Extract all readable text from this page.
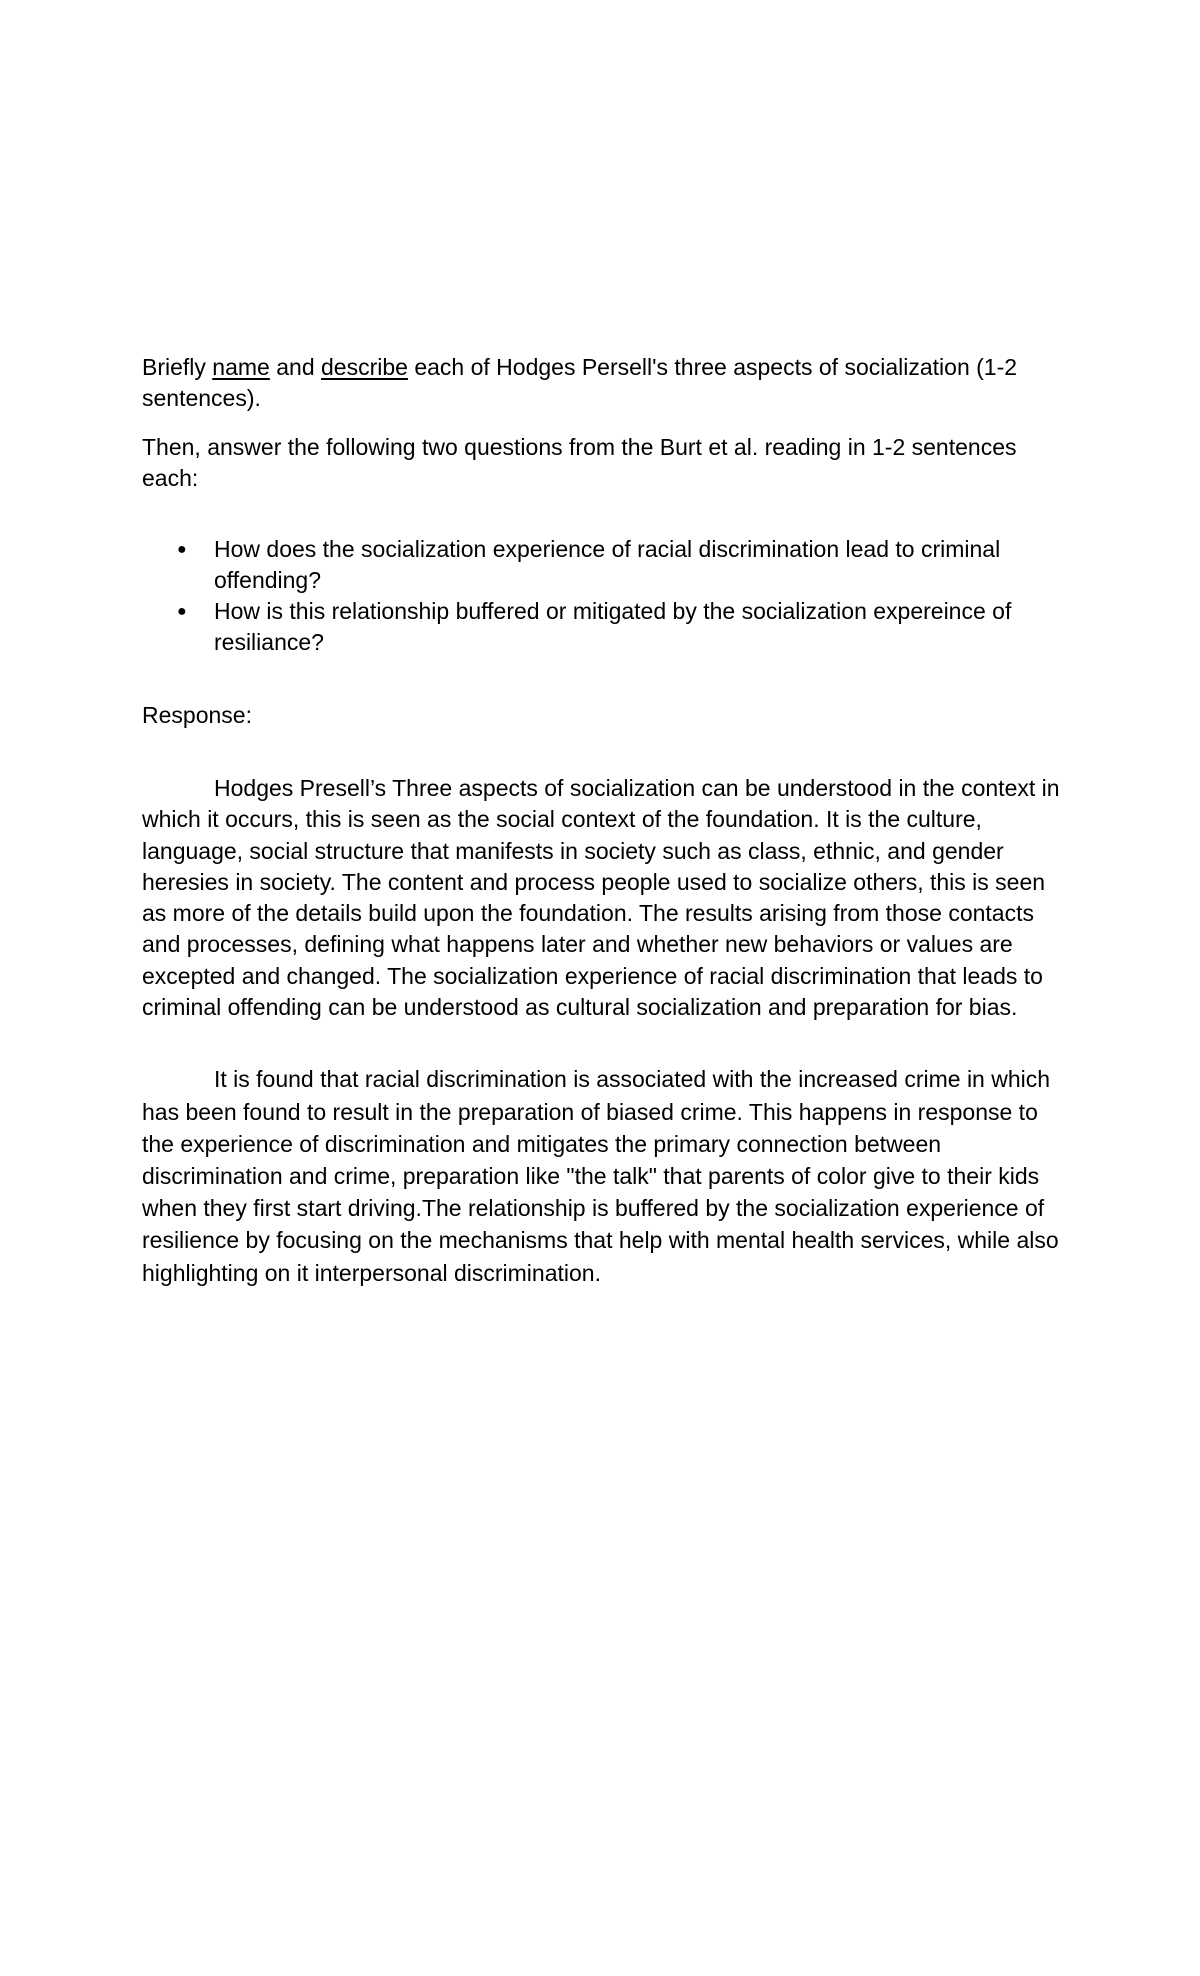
Briefly name and describe each of Hodges Persell's three aspects of socialization (1-2 sentences).

Then, answer the following two questions from the Burt et al. reading in 1-2 sentences each:

● How does the socialization experience of racial discrimination lead to criminal offending?
● How is this relationship buffered or mitigated by the socialization expereince of resiliance?

Response:

Hodges Presell’s Three aspects of socialization can be understood in the context in which it occurs, this is seen as the social context of the foundation. It is the culture, language, social structure that manifests in society such as class, ethnic, and gender heresies in society. The content and process people used to socialize others, this is seen as more of the details build upon the foundation. The results arising from those contacts and processes, defining what happens later and whether new behaviors or values are excepted and changed. The socialization experience of racial discrimination that leads to criminal offending can be understood as cultural socialization and preparation for bias.

It is found that racial discrimination is associated with the increased crime in which has been found to result in the preparation of biased crime. This happens in response to the experience of discrimination and mitigates the primary connection between discrimination and crime, preparation like "the talk" that parents of color give to their kids when they first start driving.The relationship is buffered by the socialization experience of resilience by focusing on the mechanisms that help with mental health services, while also highlighting on it interpersonal discrimination.
